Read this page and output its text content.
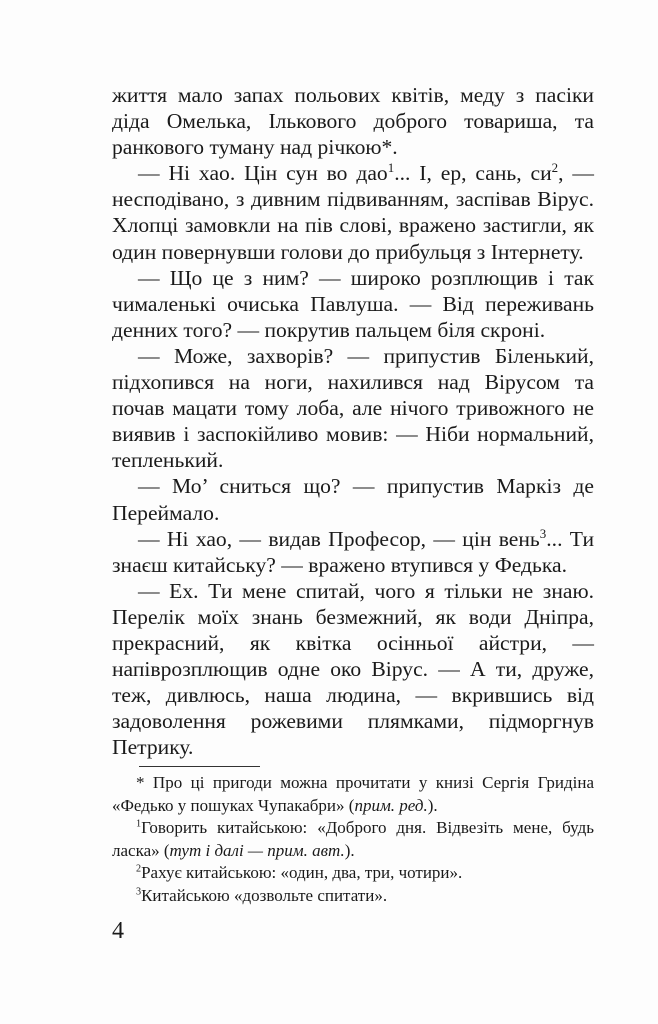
життя мало запах польових квітів, меду з пасіки діда Омелька, Ількового доброго товариша, та ранкового туману над річкою*.

— Ні хао. Цін сун во дао$^1$... І, ер, сань, $си^2$, — несподівано, з дивним підвиванням, заспівав Вірус. Хлопці замовкли на пів слові, вражено застигли, як один повернувши голови до прибульця з Інтернету.

— Що це з ним? — широко розплющив і так чималенькі очиська Павлуша. — Від переживань денних того? — покрутив пальцем біля скроні.

— Може, захворів? — припустив Біленький, підхопився на ноги, нахилився над Вірусом та почав мацати тому лоба, але нічого тривожного не виявив і заспокійливо мовив: — Ніби нормальний, тепленький.

— Мо’ сниться що? — припустив Маркіз де Переймало.

— Ні хао, — видав Професор, — цін вень$^3$... Ти знаєш китайську? — вражено втупився у Федька.

— Ех. Ти мене спитай, чого я тільки не знаю. Перелік моїх знань безмежний, як води Дніпра, прекрасний, як квітка осінньої айстри, — напіврозплющив одне око Вірус. — А ти, друже, теж, дивлюсь, наша людина, — вкрившись від задоволення рожевими плямками, підморгнув Петрику.

* Про ці пригоди можна прочитати у книзі Сергія Гридіна «Федько у пошуках Чупакабри» (прим. ред.).

$^1$Говорить китайською: «Доброго дня. Відвезіть мене, будь ласка» (тут і далі — прим. авт.).

$^2$Рахує китайською: «один, два, три, чотири».

$^3$Китайською «дозвольте спитати».

4
